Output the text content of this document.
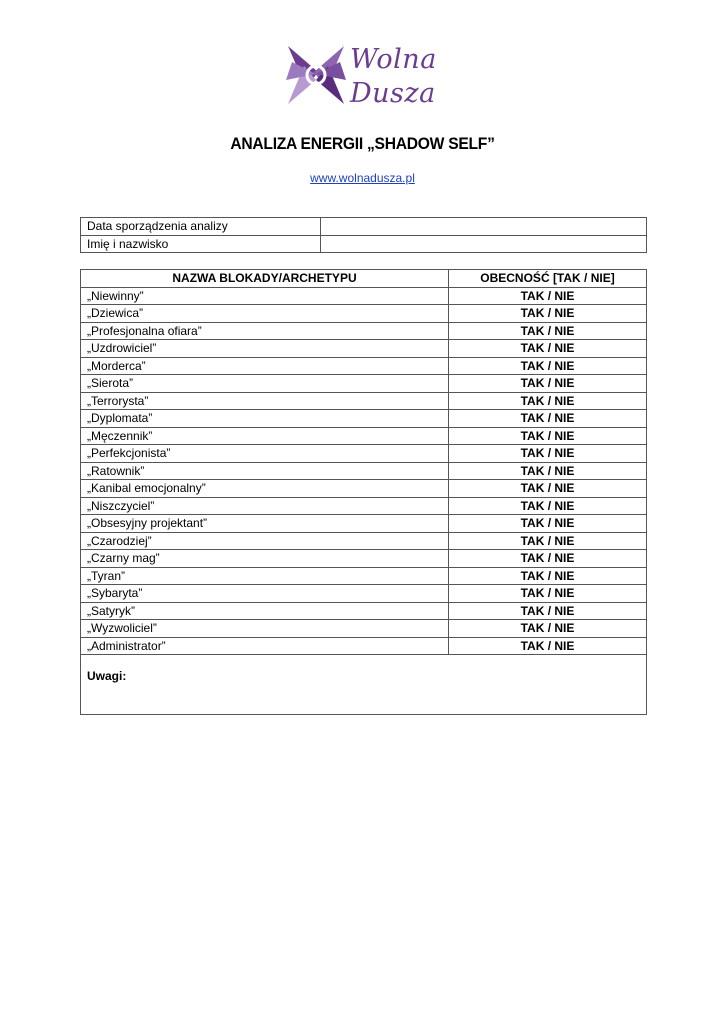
Wolna
Dusza
ANALIZA ENERGII „SHADOW SELF”
www.wolnadusza.pl
Data sporządzenia analizy	
Imię i nazwisko	
NAZWA BLOKADY/ARCHETYPU	OBECNOŚĆ [TAK / NIE]
„Niewinny”	TAK / NIE
„Dziewica”	TAK / NIE
„Profesjonalna ofiara”	TAK / NIE
„Uzdrowiciel”	TAK / NIE
„Morderca”	TAK / NIE
„Sierota”	TAK / NIE
„Terrorysta”	TAK / NIE
„Dyplomata”	TAK / NIE
„Męczennik”	TAK / NIE
„Perfekcjonista”	TAK / NIE
„Ratownik”	TAK / NIE
„Kanibal emocjonalny”	TAK / NIE
„Niszczyciel”	TAK / NIE
„Obsesyjny projektant”	TAK / NIE
„Czarodziej”	TAK / NIE
„Czarny mag”	TAK / NIE
„Tyran”	TAK / NIE
„Sybaryta”	TAK / NIE
„Satyryk”	TAK / NIE
„Wyzwoliciel”	TAK / NIE
„Administrator”	TAK / NIE
Uwagi:
